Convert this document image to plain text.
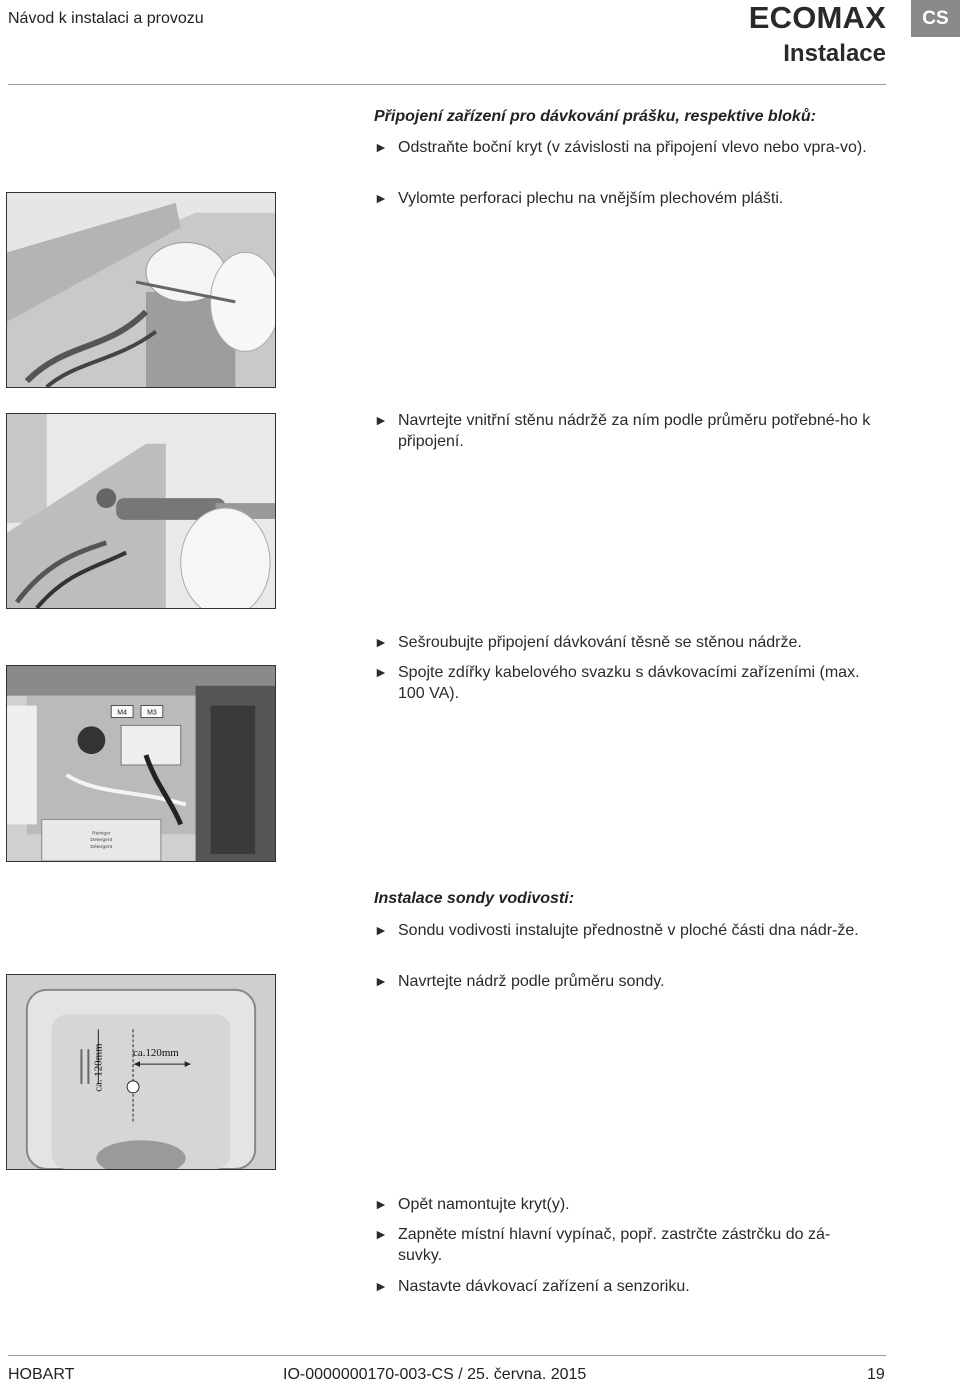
Návod k instalaci a provozu	ECOMAX
Instalace
CS
Připojení zařízení pro dávkování prášku, respektive bloků:
► Odstraňte boční kryt (v závislosti na připojení vlevo nebo vpra-vo).
► Vylomte perforaci plechu na vnějším plechovém plášti.
► Navrtejte vnitřní stěnu nádržě za ním podle průměru potřebné-ho k připojení.
► Sešroubujte připojení dávkování těsně se stěnou nádrže.
► Spojte zdířky kabelového svazku s dávkovacími zařízeními (max. 100 VA).
M4	M3
Reiniger
Detergent
Détergent
Instalace sondy vodivosti:
► Sondu vodivosti instalujte přednostně v ploché části dna nádr-že.
► Navrtejte nádrž podle průměru sondy.
ca.120mm
ca. 120mm
► Opět namontujte kryt(y).
► Zapněte místní hlavní vypínač, popř. zastrčte zástrčku do zá-suvky.
► Nastavte dávkovací zařízení a senzoriku.
HOBART	IO-0000000170-003-CS / 25. června. 2015	19
